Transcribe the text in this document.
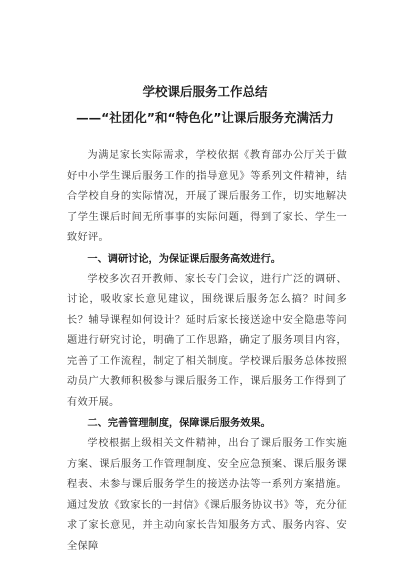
学校课后服务工作总结
——“社团化”和“特色化”让课后服务充满活力

为满足家长实际需求，学校依据《教育部办公厅关于做好中小学生课后服务工作的指导意见》等系列文件精神，结合学校自身的实际情况，开展了课后服务工作，切实地解决了学生课后时间无所事事的实际问题，得到了家长、学生一致好评。

一、调研讨论，为保证课后服务高效进行。

学校多次召开教师、家长专门会议，进行广泛的调研、讨论，吸收家长意见建议，围绕课后服务怎么搞？时间多长？辅导课程如何设计？延时后家长接送途中安全隐患等问题进行研究讨论，明确了工作思路，确定了服务项目内容，完善了工作流程，制定了相关制度。学校课后服务总体按照动员广大教师积极参与课后服务工作，课后服务工作得到了有效开展。

二、完善管理制度，保障课后服务效果。

学校根据上级相关文件精神，出台了课后服务工作实施方案、课后服务工作管理制度、安全应急预案、课后服务课程表、未参与课后服务学生的接送办法等一系列方案措施。通过发放《致家长的一封信》《课后服务协议书》等，充分征求了家长意见，并主动向家长告知服务方式、服务内容、安全保障
